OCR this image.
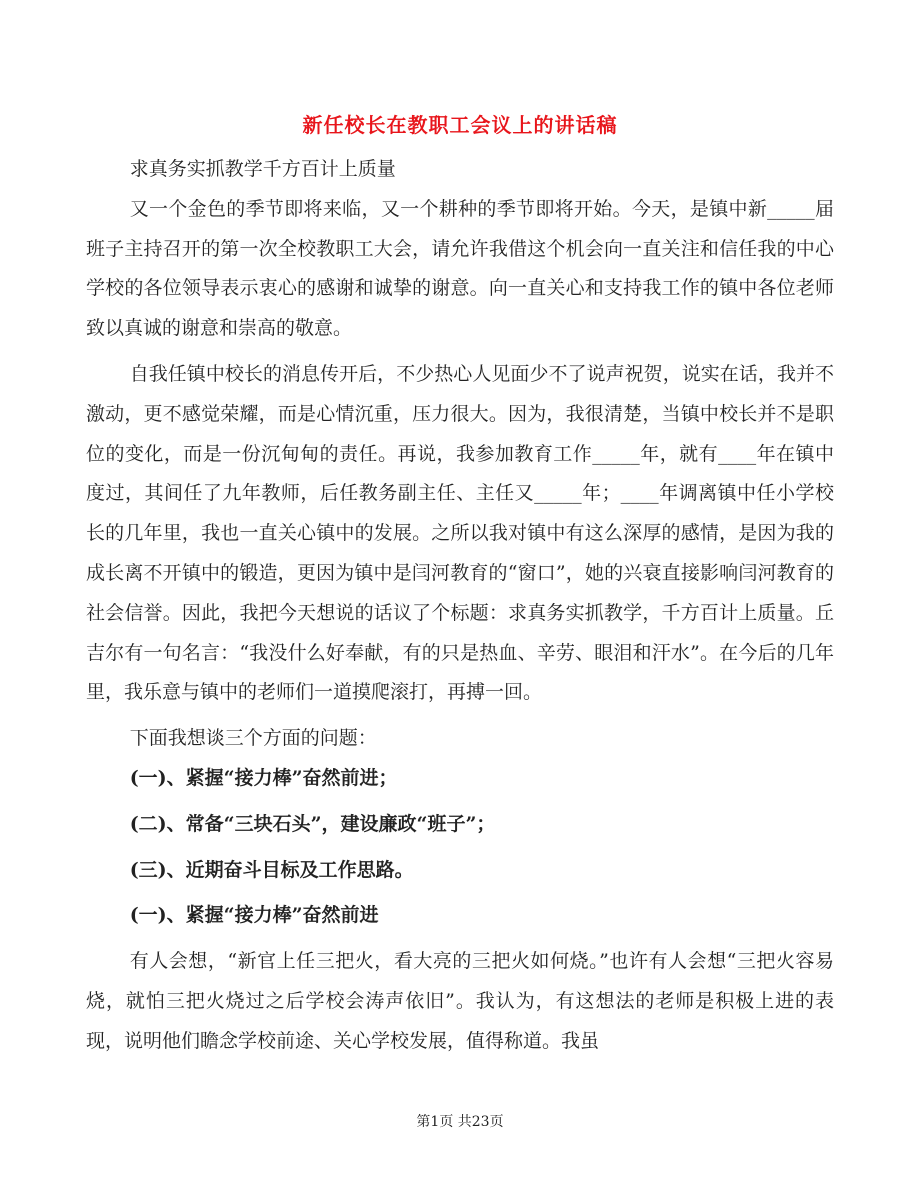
新任校长在教职工会议上的讲话稿

求真务实抓教学千方百计上质量

又一个金色的季节即将来临，又一个耕种的季节即将开始。今天，是镇中新_____届班子主持召开的第一次全校教职工大会，请允许我借这个机会向一直关注和信任我的中心学校的各位领导表示衷心的感谢和诚挚的谢意。向一直关心和支持我工作的镇中各位老师致以真诚的谢意和崇高的敬意。

自我任镇中校长的消息传开后，不少热心人见面少不了说声祝贺，说实在话，我并不激动，更不感觉荣耀，而是心情沉重，压力很大。因为，我很清楚，当镇中校长并不是职位的变化，而是一份沉甸甸的责任。再说，我参加教育工作_____年，就有____年在镇中度过，其间任了九年教师，后任教务副主任、主任又_____年；____年调离镇中任小学校长的几年里，我也一直关心镇中的发展。之所以我对镇中有这么深厚的感情，是因为我的成长离不开镇中的锻造，更因为镇中是闫河教育的“窗口”，她的兴衰直接影响闫河教育的社会信誉。因此，我把今天想说的话议了个标题：求真务实抓教学，千方百计上质量。丘吉尔有一句名言：“我没什么好奉献，有的只是热血、辛劳、眼泪和汗水”。在今后的几年里，我乐意与镇中的老师们一道摸爬滚打，再搏一回。

下面我想谈三个方面的问题：

(一)、紧握“接力棒”奋然前进；

(二)、常备“三块石头”，建设廉政“班子”；

(三)、近期奋斗目标及工作思路。

(一)、紧握“接力棒”奋然前进

有人会想，“新官上任三把火，看大亮的三把火如何烧。”也许有人会想“三把火容易烧，就怕三把火烧过之后学校会涛声依旧”。我认为，有这想法的老师是积极上进的表现，说明他们瞻念学校前途、关心学校发展，值得称道。我虽

第1页 共23页
